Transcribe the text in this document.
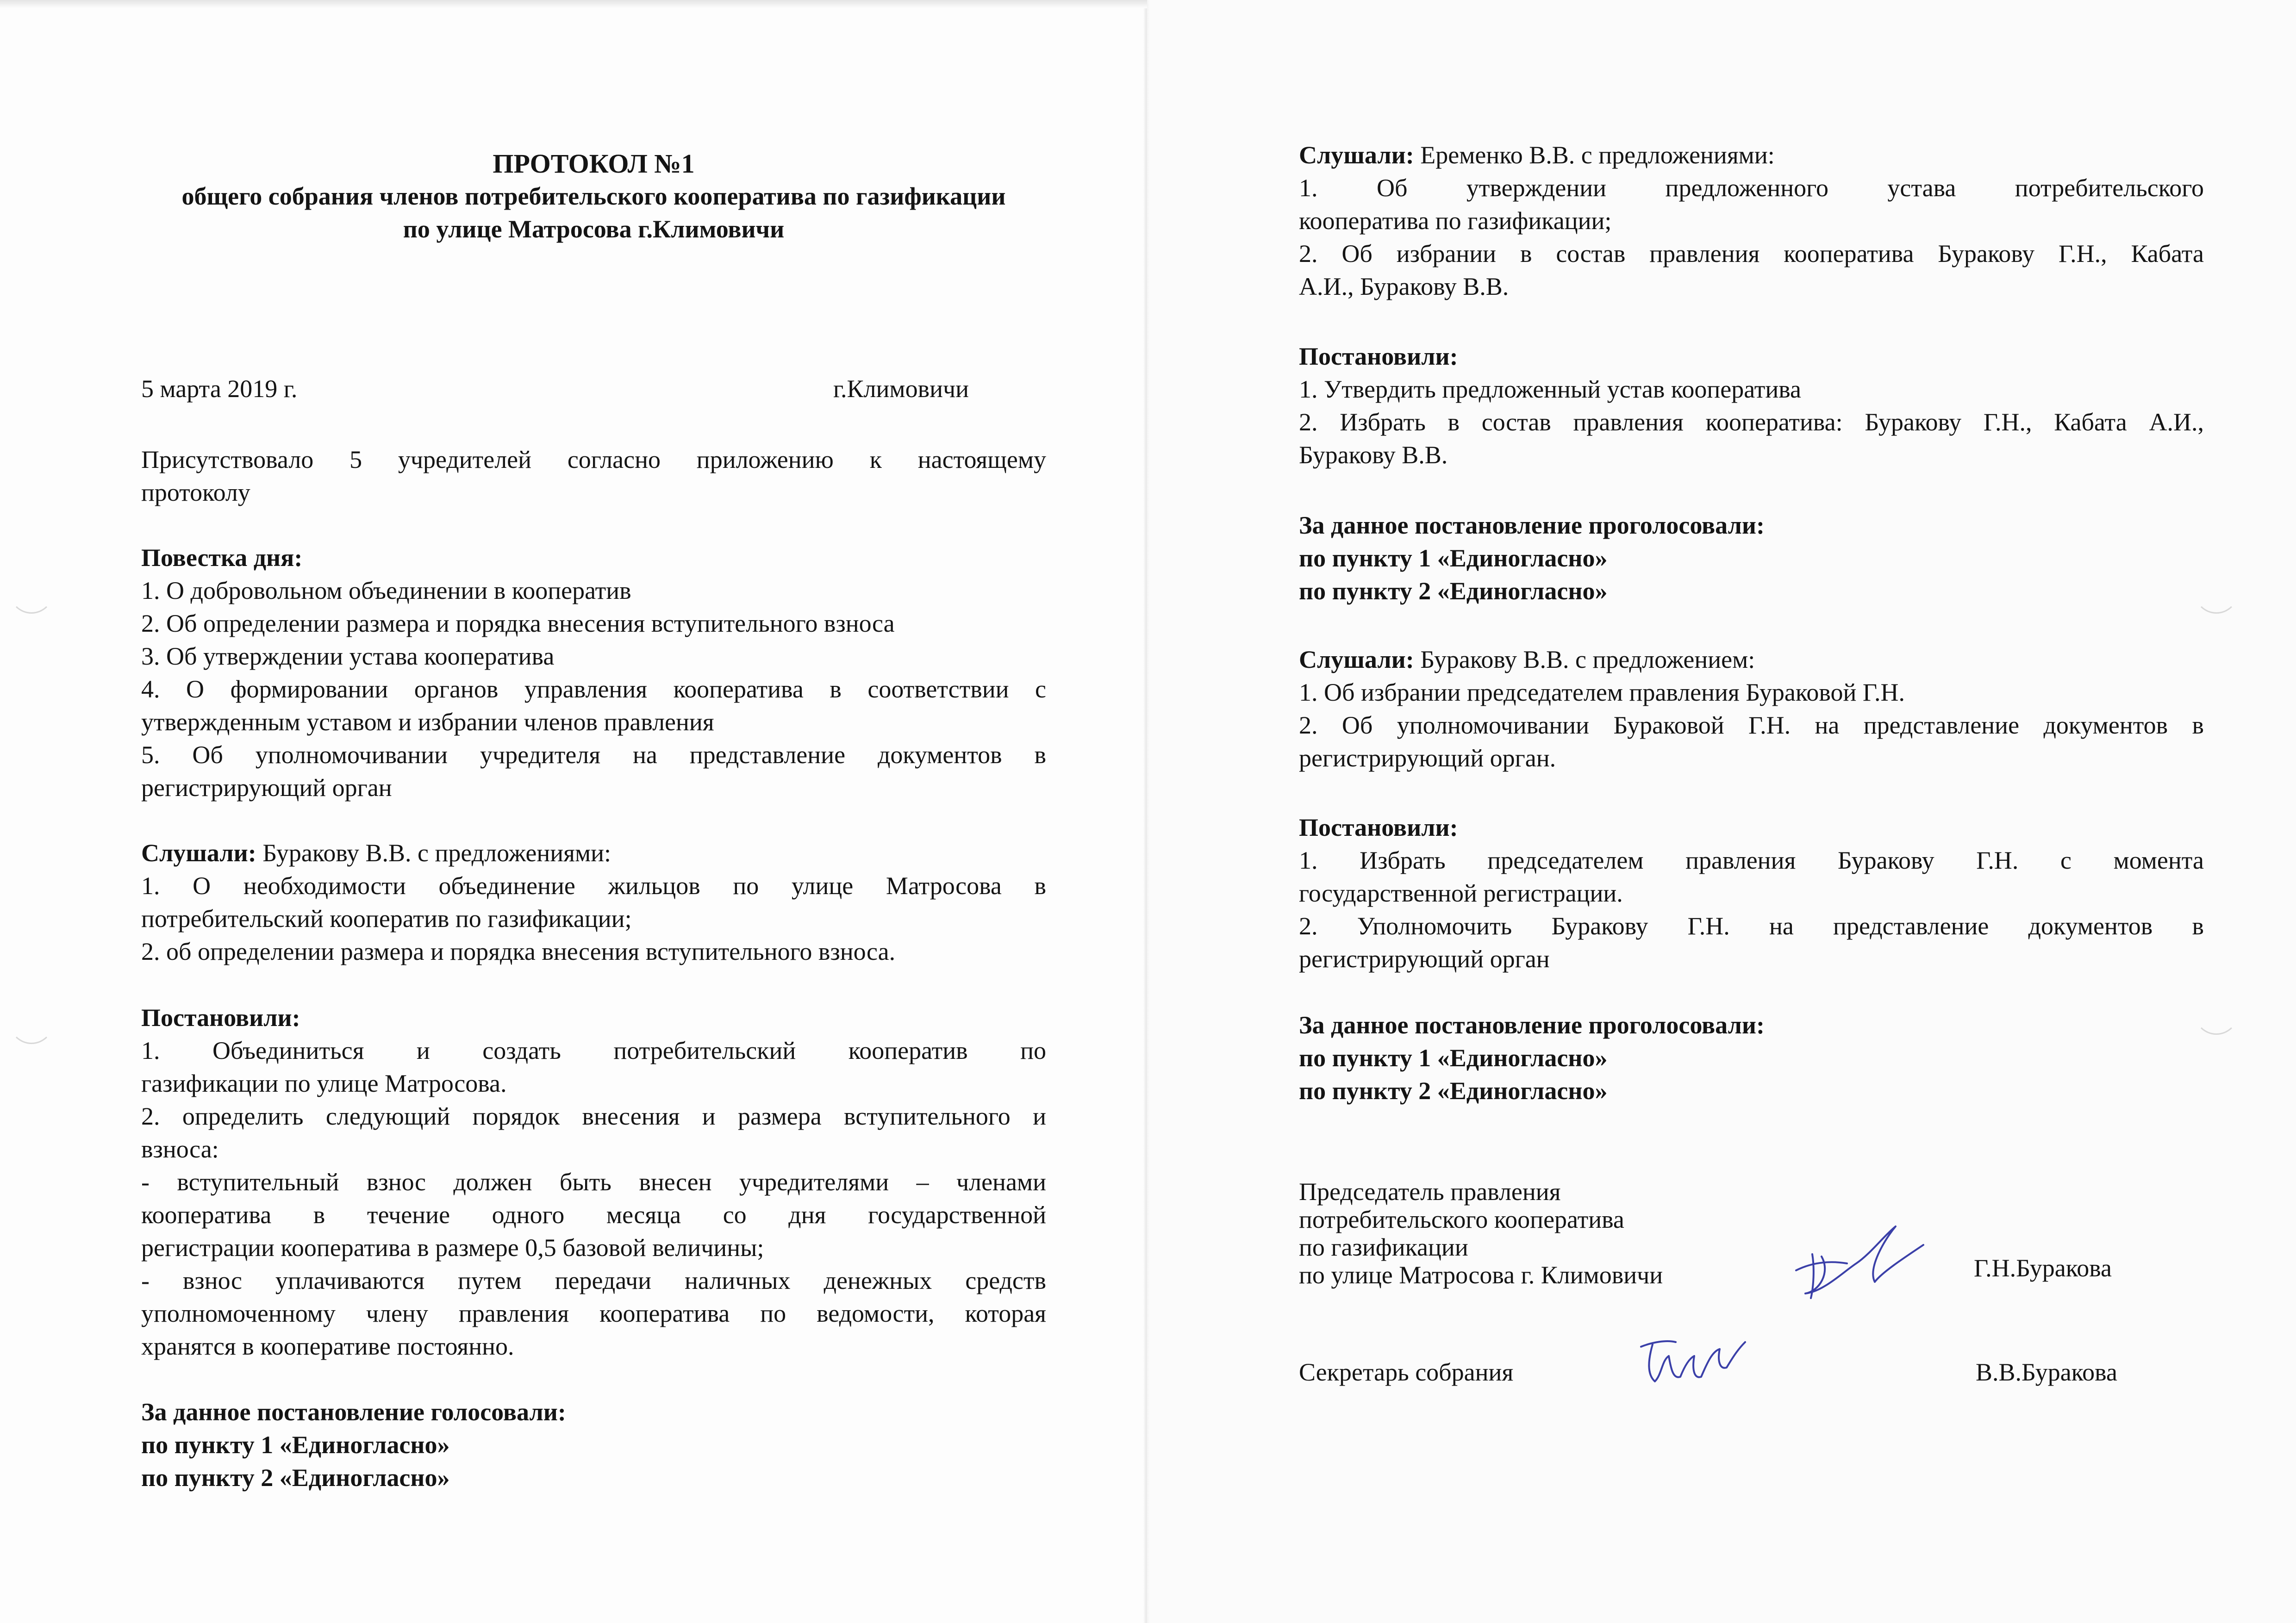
ПРОТОКОЛ №1
общего собрания членов потребительского кооператива по газификации
по улице Матросова г.Климовичи
5 марта 2019 г.	г.Климовичи
Присутствовало 5 учредителей согласно приложению к настоящему
протоколу
Повестка дня:
1. О добровольном объединении в кооператив
2. Об определении размера и порядка внесения вступительного взноса
3. Об утверждении устава кооператива
4. О формировании органов управления кооператива в соответствии с
утвержденным уставом и избрании членов правления
5. Об уполномочивании учредителя на представление документов в
регистрирующий орган
Слушали: Буракову В.В. с предложениями:
1. О необходимости объединение жильцов по улице Матросова в
потребительский кооператив по газификации;
2. об определении размера и порядка внесения вступительного взноса.
Постановили:
1. Объединиться и создать потребительский кооператив по
газификации по улице Матросова.
2. определить следующий порядок внесения и размера вступительного и
взноса:
- вступительный взнос должен быть внесен учредителями – членами
кооператива в течение одного месяца со дня государственной
регистрации кооператива в размере 0,5 базовой величины;
- взнос уплачиваются путем передачи наличных денежных средств
уполномоченному члену правления кооператива по ведомости, которая
хранятся в кооперативе постоянно.
За данное постановление голосовали:
по пункту 1 «Единогласно»
по пункту 2 «Единогласно»
Слушали: Еременко В.В. с предложениями:
1. Об утверждении предложенного устава потребительского
кооператива по газификации;
2. Об избрании в состав правления кооператива Буракову Г.Н., Кабата
А.И., Буракову В.В.
Постановили:
1. Утвердить предложенный устав кооператива
2. Избрать в состав правления кооператива: Буракову Г.Н., Кабата А.И.,
Буракову В.В.
За данное постановление проголосовали:
по пункту 1 «Единогласно»
по пункту 2 «Единогласно»
Слушали: Буракову В.В. с предложением:
1. Об избрании председателем правления Бураковой Г.Н.
2. Об уполномочивании Бураковой Г.Н. на представление документов в
регистрирующий орган.
Постановили:
1. Избрать председателем правления Буракову Г.Н. с момента
государственной регистрации.
2. Уполномочить Буракову Г.Н. на представление документов в
регистрирующий орган
За данное постановление проголосовали:
по пункту 1 «Единогласно»
по пункту 2 «Единогласно»
Председатель правления
потребительского кооператива
по газификации
по улице Матросова г. Климовичи	Г.Н.Буракова
Секретарь собрания	В.В.Буракова
